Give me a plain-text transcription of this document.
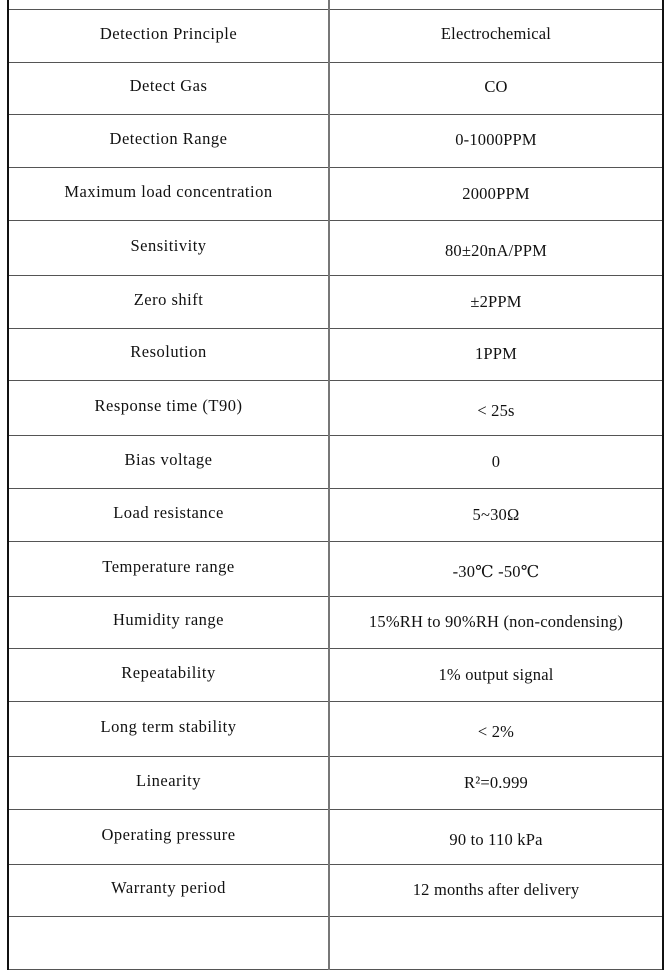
Detection Principle	Electrochemical
Detect Gas	CO
Detection Range	0-1000PPM
Maximum load concentration	2000PPM
Sensitivity	80±20nA/PPM
Zero shift	±2PPM
Resolution	1PPM
Response time (T90)	< 25s
Bias voltage	0
Load resistance	5~30Ω
Temperature range	-30℃ -50℃
Humidity range	15%RH to 90%RH (non-condensing)
Repeatability	1% output signal
Long term stability	< 2%
Linearity	R²=0.999
Operating pressure	90 to 110 kPa
Warranty period	12 months after delivery
